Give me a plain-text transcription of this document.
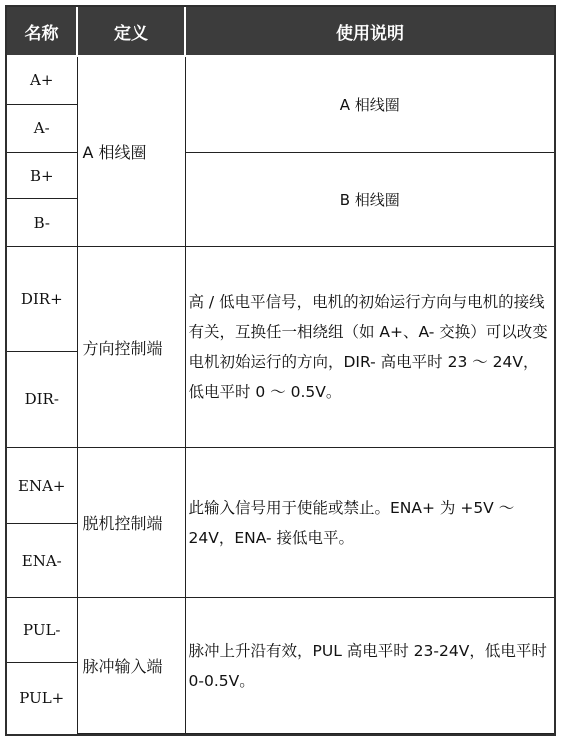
名称	定义	使用说明
A+	A 相线圈	A 相线圈
A-		
B+		B 相线圈
B-		
DIR+	方向控制端	高 / 低电平信号，电机的初始运行方向与电机的接线有关，互换任一相绕组（如 A+、A- 交换）可以改变电机初始运行的方向，DIR- 高电平时 23 ～ 24V，低电平时 0 ～ 0.5V。
DIR-		
ENA+	脱机控制端	此输入信号用于使能或禁止。ENA+ 为 +5V ～ 24V，ENA- 接低电平。
ENA-		
PUL-	脉冲输入端	脉冲上升沿有效，PUL 高电平时 23-24V，低电平时 0-0.5V。
PUL+		
